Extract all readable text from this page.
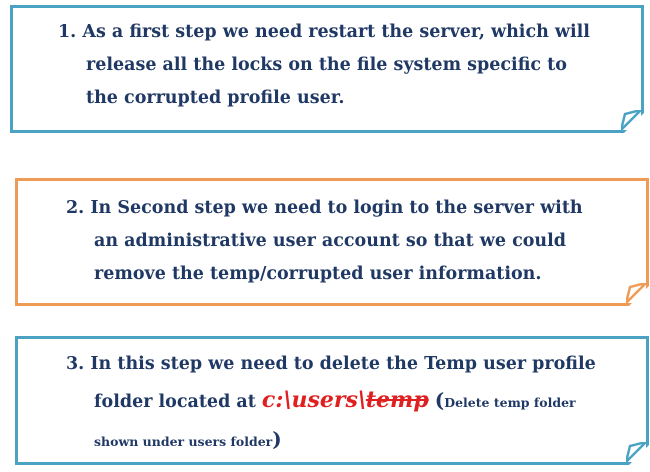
1. As a first step we need restart the server, which will
release all the locks on the file system specific to
the corrupted profile user.
2. In Second step we need to login to the server with
an administrative user account so that we could
remove the temp/corrupted user information.
3. In this step we need to delete the Temp user profile
folder located at c:\users\temp (Delete temp folder
shown under users folder)
